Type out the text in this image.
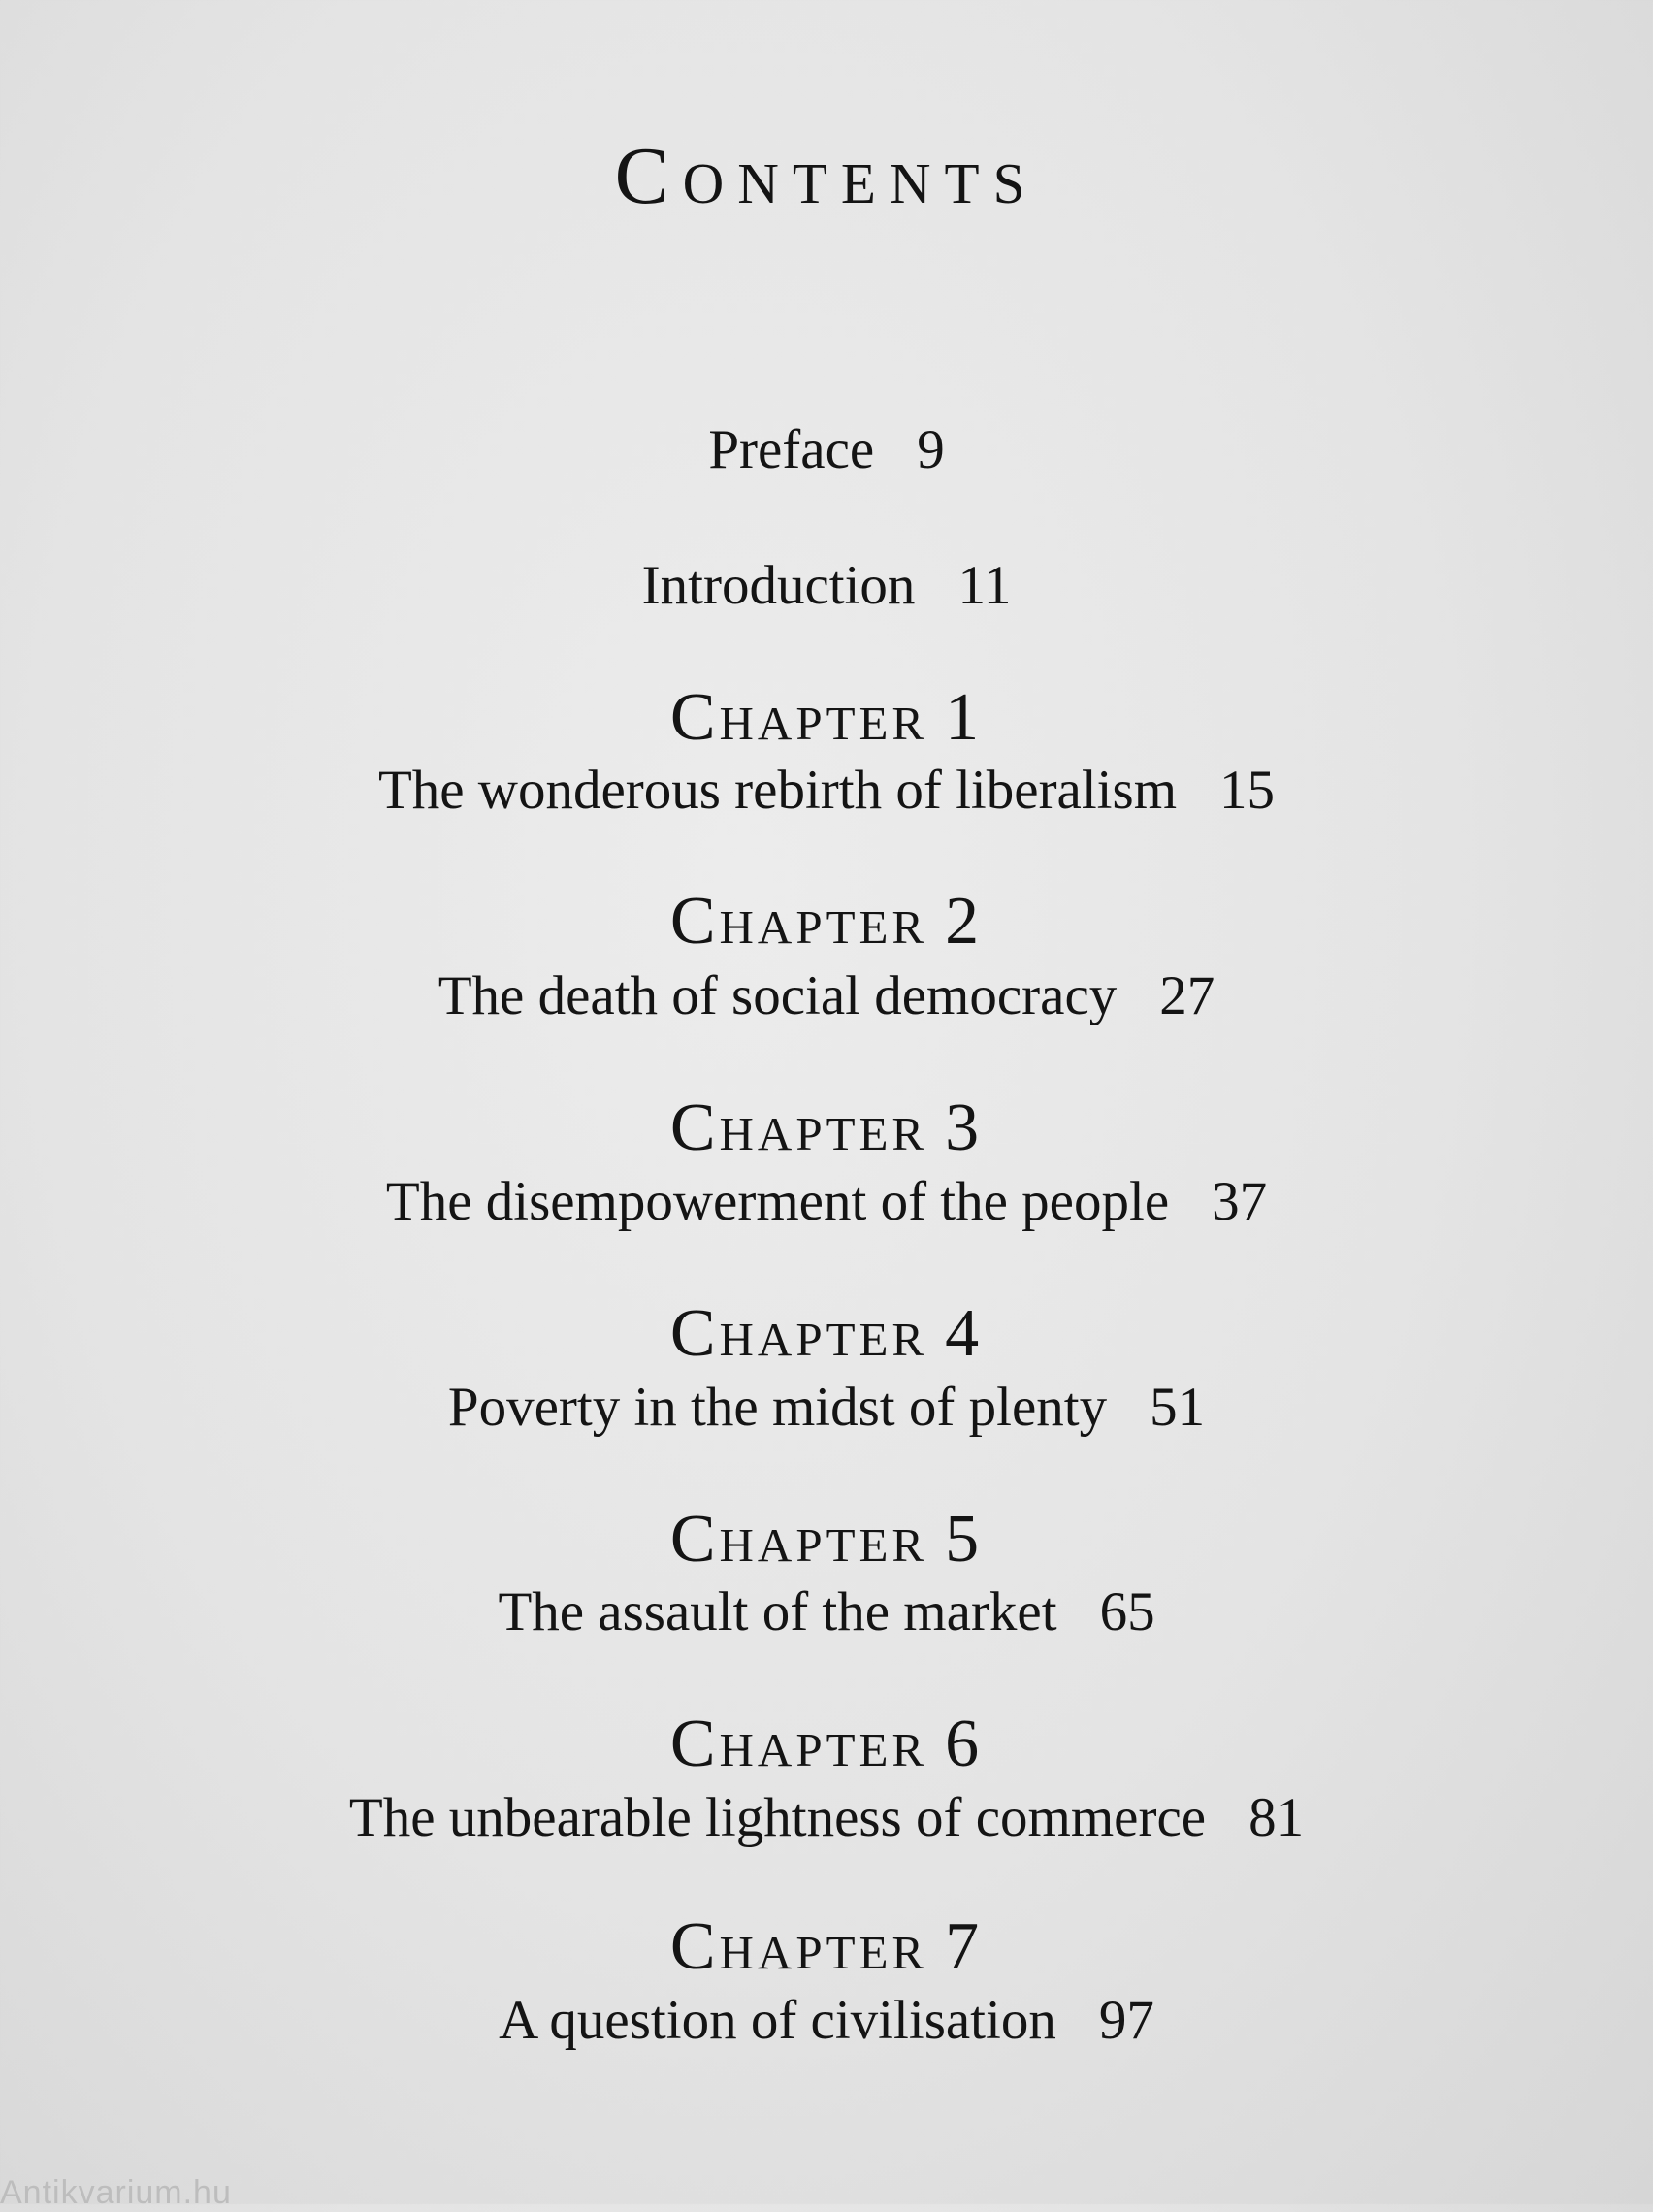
Contents
Preface 9
Introduction 11
Chapter 1
The wonderous rebirth of liberalism 15
Chapter 2
The death of social democracy 27
Chapter 3
The disempowerment of the people 37
Chapter 4
Poverty in the midst of plenty 51
Chapter 5
The assault of the market 65
Chapter 6
The unbearable lightness of commerce 81
Chapter 7
A question of civilisation 97
Antikvarium.hu
